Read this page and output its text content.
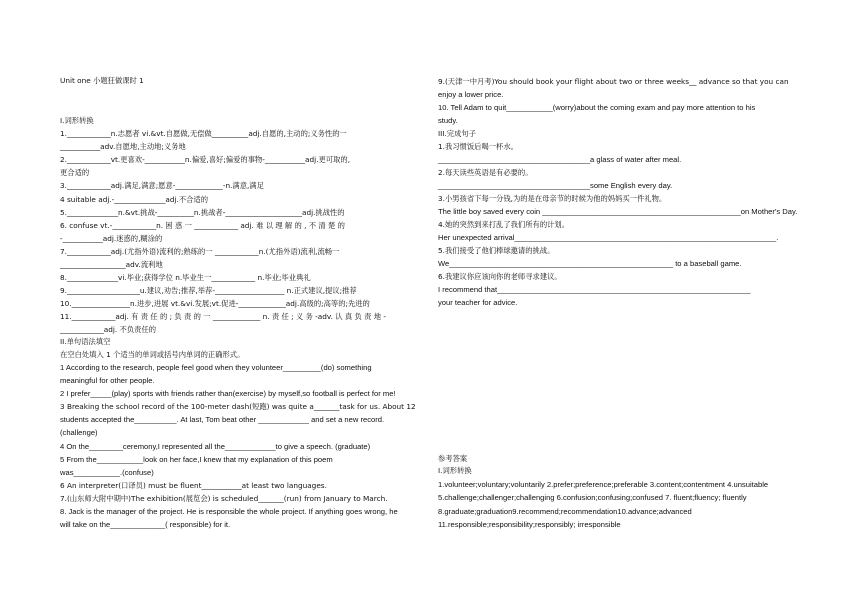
Unit one 小题狂做课时 1
I.词形转换
1.____________n.志愿者 vi.&vt.自愿做,无偿做__________adj.自愿的,主动的;义务性的一
___________adv.自愿地,主动地;义务地
2.____________vt.更喜欢-___________n.偏爱,喜好;偏爱的事物-___________adj.更可取的,
更合适的
3.____________adj.满足,满意;愿意-_____________-n.满意,满足
4 suitable adj.-______________adj.不合适的
5.______________n.&vt.挑战-__________n.挑战者-_____________________adj.挑战性的
6. confuse vt.-____________n. 困 惑 一 ____________ adj. 难 以 理 解 的 , 不 清 楚 的
-___________adj.迷惑的,糊涂的
7.____________adj.(尤指外语)流利的;熟练的一 ____________n.(尤指外语)流利,流畅一
__________________adv.流利地
8.______________vi.毕业;获得学位 n.毕业生一____________ n.毕业;毕业典礼
9.____________________u.建议,劝告;推荐,举荐-___________________ n.正式建议,提议;推荐
10.________________n.进步,进展 vt.&vi.发展;vt.促进-_____________adj.高级的;高等的;先进的
11.____________adj. 有 责 任 的 ; 负 责 的 一 _____________ n. 责 任 ; 义 务 -adv. 认 真 负 责 地 -
____________adj. 不负责任的
II.单句语法填空
在空白处填入 1 个适当的单词或括号内单词的正确形式。
1 According to the research, people feel good when they volunteer_________(do) something
meaningful for other people.
2 I prefer_____(play) sports with friends rather than(exercise) by myself,so football is perfect for me!
3 Breaking the school record of the 100-meter dash(短跑) was quite a_______task for us. About 12
students accepted the__________. At last, Tom beat other ____________ and set a new record.
(challenge)
4 On the________ceremony,I represented all the____________to give a speech. (graduate)
5 From the___________look on her face,I knew that my explanation of this poem
was___________.(confuse)
6 An interpreter(口译员) must be fluent___________at least two languages.
7.(山东师大附中期中)The exhibition(展览会) is scheduled_______(run) from January to March.
8. Jack is the manager of the project. He is responsible the whole project. If anything goes wrong, he
will take on the_____________( responsible) for it.
9.(天津一中月考)You should book your flight about two or three weeks__ advance so that you can
enjoy a lower price.
10. Tell Adam to quit___________(worry)about the coming exam and pay more attention to his
study.
III.完成句子
1.我习惯饭后喝一杯水。
____________________________________a glass of water after meal.
2.每天读些英语是有必要的。
____________________________________some English every day.
3.小男孩省下每一分钱,为的是在母亲节的时候为他的妈妈买一件礼物。
The little boy saved every coin _______________________________________________on Mother's Day.
4.她的突然到来打乱了我们所有的计划。
Her unexpected arrival______________________________________________________________.
5.我们接受了他们棒球邀请的挑战。
We_____________________________________________________ to a baseball game.
6.我建议你应该向你的老师寻求建议。
I recommend that____________________________________________________________
your teacher for advice.
参考答案
I.词形转换
1.volunteer;voluntary;voluntarily 2.prefer;preference;preferable 3.content;contentment 4.unsuitable
5.challenge;challenger;challenging 6.confusion;confusing;confused 7. fluent;fluency; fluently
8.graduate;graduation9.recommend;recommendation10.advance;advanced
11.responsible;responsibility;responsibly; irresponsible
